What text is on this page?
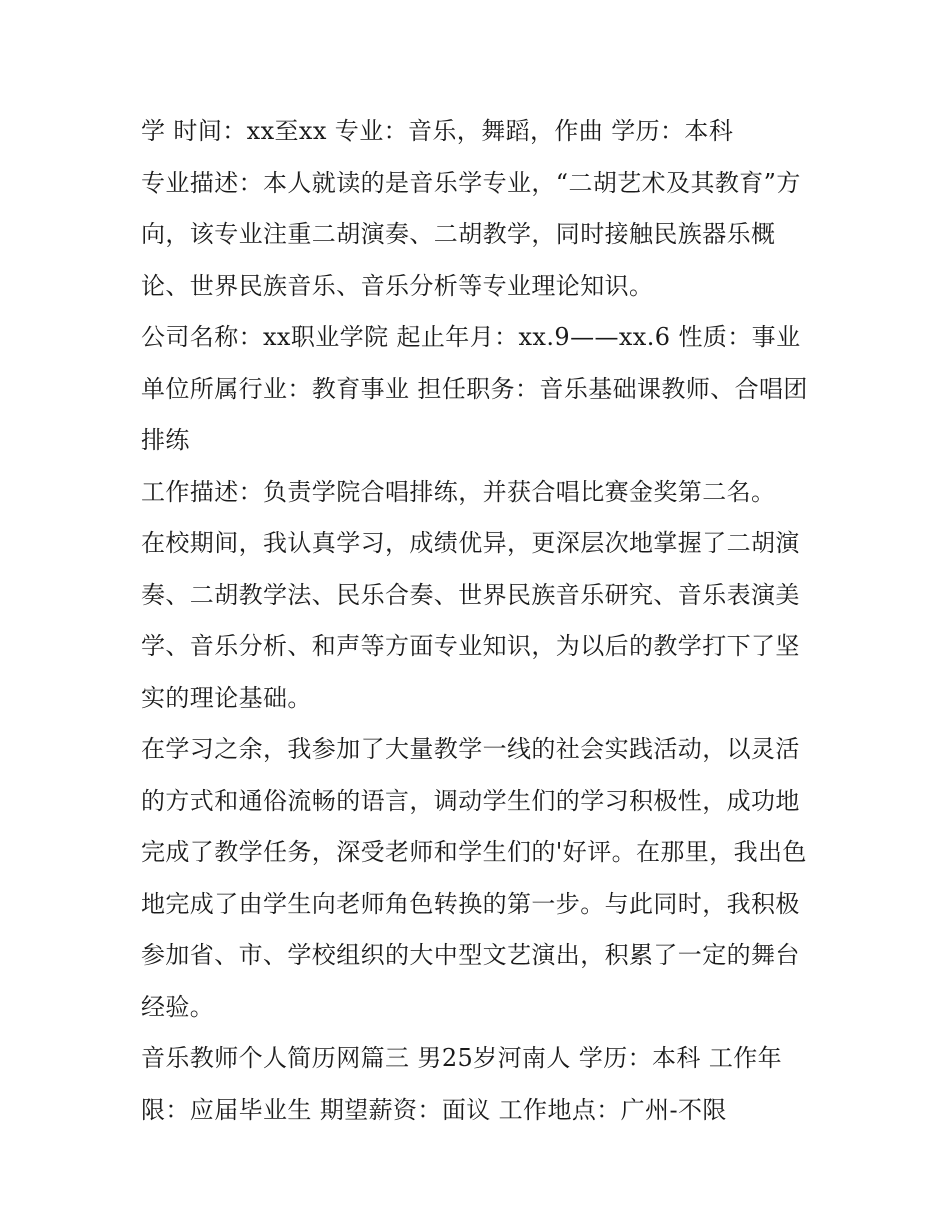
学 时间：xx至xx 专业：音乐，舞蹈，作曲 学历：本科

专业描述：本人就读的是音乐学专业，“二胡艺术及其教育”方向，该专业注重二胡演奏、二胡教学，同时接触民族器乐概论、世界民族音乐、音乐分析等专业理论知识。

公司名称：xx职业学院 起止年月：xx.9——xx.6 性质：事业单位所属行业：教育事业 担任职务：音乐基础课教师、合唱团排练

工作描述：负责学院合唱排练，并获合唱比赛金奖第二名。

在校期间，我认真学习，成绩优异，更深层次地掌握了二胡演奏、二胡教学法、民乐合奏、世界民族音乐研究、音乐表演美学、音乐分析、和声等方面专业知识，为以后的教学打下了坚实的理论基础。

在学习之余，我参加了大量教学一线的社会实践活动，以灵活的方式和通俗流畅的语言，调动学生们的学习积极性，成功地完成了教学任务，深受老师和学生们的'好评。在那里，我出色地完成了由学生向老师角色转换的第一步。与此同时，我积极参加省、市、学校组织的大中型文艺演出，积累了一定的舞台经验。

音乐教师个人简历网篇三 男25岁河南人 学历：本科 工作年限：应届毕业生 期望薪资：面议 工作地点：广州-不限
